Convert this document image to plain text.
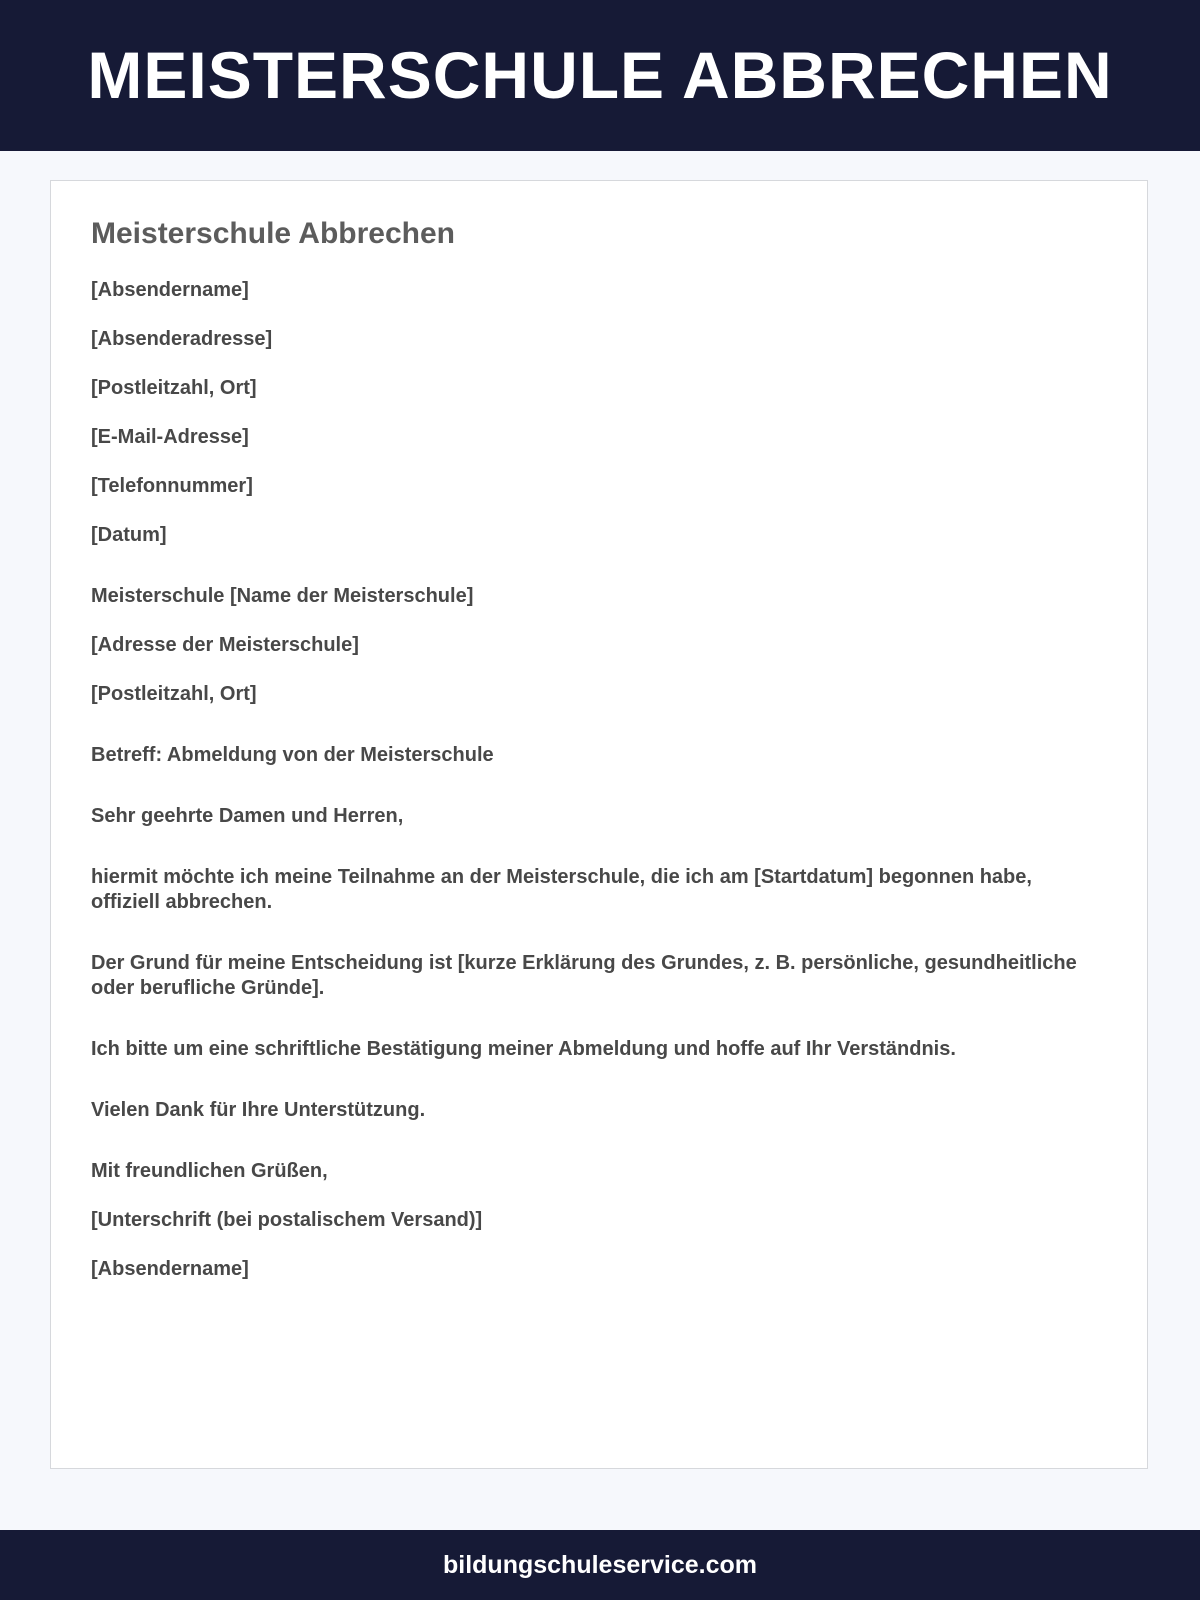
MEISTERSCHULE ABBRECHEN
Meisterschule Abbrechen

[Absendername]

[Absenderadresse]

[Postleitzahl, Ort]

[E-Mail-Adresse]

[Telefonnummer]

[Datum]

Meisterschule [Name der Meisterschule]

[Adresse der Meisterschule]

[Postleitzahl, Ort]

Betreff: Abmeldung von der Meisterschule

Sehr geehrte Damen und Herren,

hiermit möchte ich meine Teilnahme an der Meisterschule, die ich am [Startdatum] begonnen habe, offiziell abbrechen.

Der Grund für meine Entscheidung ist [kurze Erklärung des Grundes, z. B. persönliche, gesundheitliche oder berufliche Gründe].

Ich bitte um eine schriftliche Bestätigung meiner Abmeldung und hoffe auf Ihr Verständnis.

Vielen Dank für Ihre Unterstützung.

Mit freundlichen Grüßen,

[Unterschrift (bei postalischem Versand)]

[Absendername]

bildungschuleservice.com
